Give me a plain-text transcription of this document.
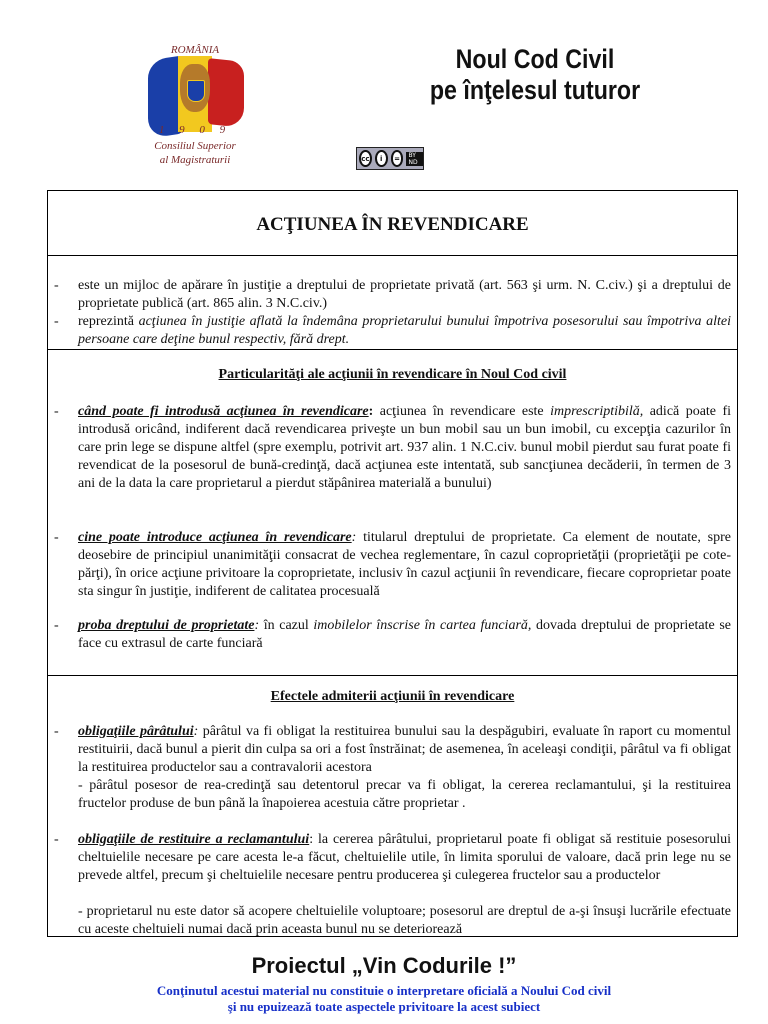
ROMÂNIA
1 9 0 9
Consiliul Superior
al Magistraturii
Noul Cod Civil
pe înţelesul tuturor
cc	i	=	BY ND
ACŢIUNEA ÎN REVENDICARE
- este un mijloc de apărare în justiţie a dreptului de proprietate privată (art. 563 şi urm. N. C.civ.) şi a dreptului de proprietate publică (art. 865 alin. 3 N.C.civ.)
- reprezintă acţiunea în justiţie aflată la îndemâna proprietarului bunului împotriva posesorului sau împotriva altei persoane care deţine bunul respectiv, fără drept.
Particularităţi ale acţiunii în revendicare în Noul Cod civil
- când poate fi introdusă acţiunea în revendicare: acţiunea în revendicare este imprescriptibilă, adică poate fi introdusă oricând, indiferent dacă revendicarea priveşte un bun mobil sau un bun imobil, cu excepţia cazurilor în care prin lege se dispune altfel (spre exemplu, potrivit art. 937 alin. 1 N.C.civ. bunul mobil pierdut sau furat poate fi revendicat de la posesorul de bună-credinţă, dacă acţiunea este intentată, sub sancţiunea decăderii, în termen de 3 ani de la data la care proprietarul a pierdut stăpânirea materială a bunului)
- cine poate introduce acţiunea în revendicare: titularul dreptului de proprietate. Ca element de noutate, spre deosebire de principiul unanimităţii consacrat de vechea reglementare, în cazul coproprietăţii (proprietăţii pe cote-părţi), în orice acţiune privitoare la coproprietate, inclusiv în cazul acţiunii în revendicare, fiecare coproprietar poate sta singur în justiţie, indiferent de calitatea procesuală
- proba dreptului de proprietate: în cazul imobilelor înscrise în cartea funciară, dovada dreptului de proprietate se face cu extrasul de carte funciară
Efectele admiterii acţiunii în revendicare
- obligaţiile pârâtului: pârâtul va fi obligat la restituirea bunului sau la despăgubiri, evaluate în raport cu momentul restituirii, dacă bunul a pierit din culpa sa ori a fost înstrăinat; de asemenea, în aceleaşi condiţii, pârâtul va fi obligat la restituirea productelor sau a contravalorii acestora
- pârâtul posesor de rea-credinţă sau detentorul precar va fi obligat, la cererea reclamantului, şi la restituirea fructelor produse de bun până la înapoierea acestuia către proprietar .
- obligaţiile de restituire a reclamantului: la cererea pârâtului, proprietarul poate fi obligat să restituie posesorului cheltuielile necesare pe care acesta le-a făcut, cheltuielile utile, în limita sporului de valoare, dacă prin lege nu se prevede altfel, precum şi cheltuielile necesare pentru producerea şi culegerea fructelor sau a productelor
- proprietarul nu este dator să acopere cheltuielile voluptoare; posesorul are dreptul de a-şi însuşi lucrările efectuate cu aceste cheltuieli numai dacă prin aceasta bunul nu se deteriorează
Proiectul „Vin Codurile !”
Conţinutul acestui material nu constituie o interpretare oficială a Noului Cod civil
şi nu epuizează toate aspectele privitoare la acest subiect
